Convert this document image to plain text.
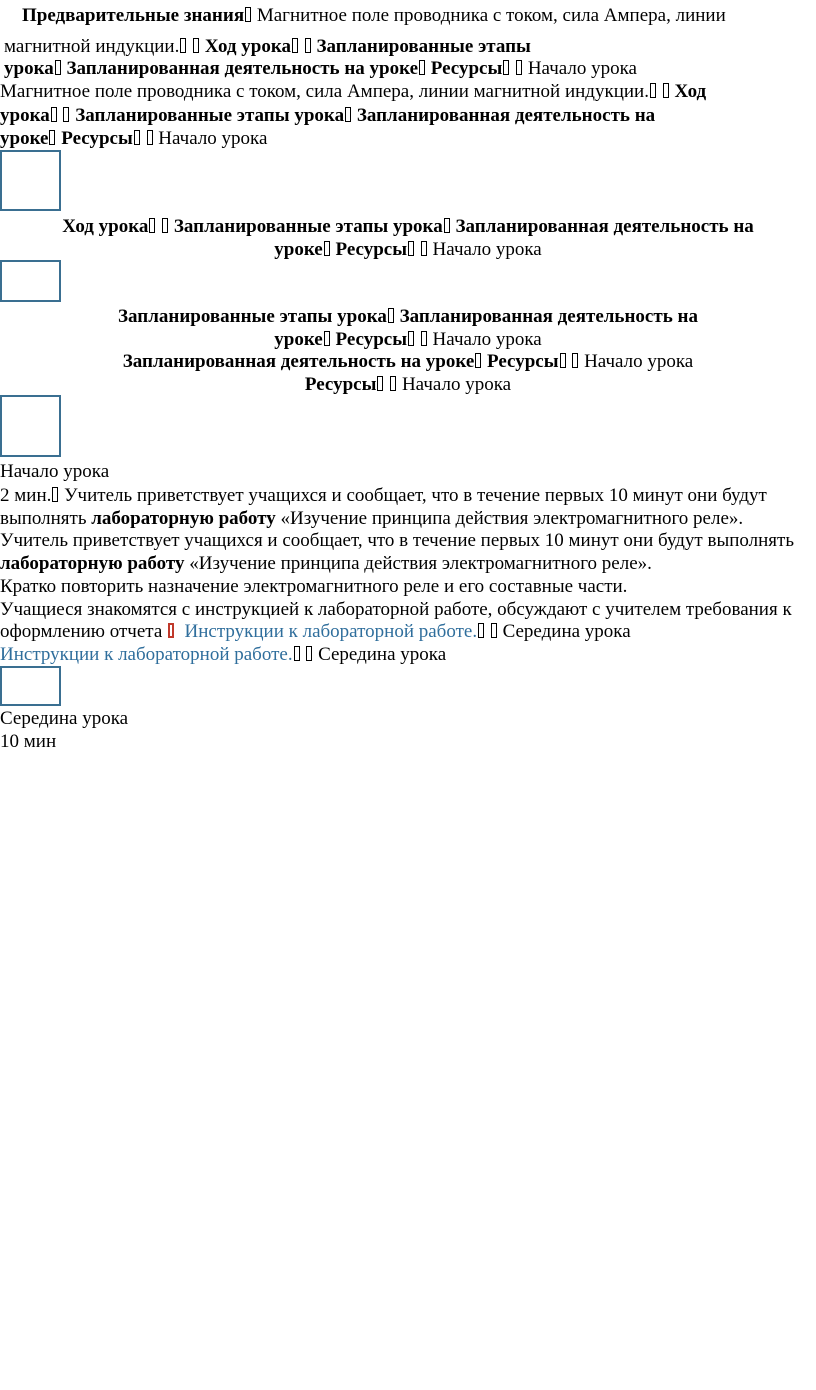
Предварительные знания Магнитное поле проводника с током, сила Ампера, линии
магнитной индукции. Ход урока Запланированные этапы
урока Запланированная деятельность на уроке Ресурсы Начало урока
Магнитное поле проводника с током, сила Ампера, линии магнитной индукции. Ход
урока Запланированные этапы урока Запланированная деятельность на
уроке Ресурсы Начало урока
Ход урока Запланированные этапы урока Запланированная деятельность на
уроке Ресурсы Начало урока
Запланированные этапы урока Запланированная деятельность на
уроке Ресурсы Начало урока
Запланированная деятельность на уроке Ресурсы Начало урока
Ресурсы Начало урока
Начало урока
2 мин. Учитель приветствует учащихся и сообщает, что в течение первых 10 минут они будут
выполнять лабораторную работу «Изучение принципа действия электромагнитного реле».
Учитель приветствует учащихся и сообщает, что в течение первых 10 минут они будут выполнять
лабораторную работу «Изучение принципа действия электромагнитного реле».
Кратко повторить назначение электромагнитного реле и его составные части.
Учащиеся знакомятся с инструкцией к лабораторной работе, обсуждают с учителем требования к
оформлению отчета   Инструкции к лабораторной работе. Середина урока
Инструкции к лабораторной работе. Середина урока
Середина урока
10 мин
